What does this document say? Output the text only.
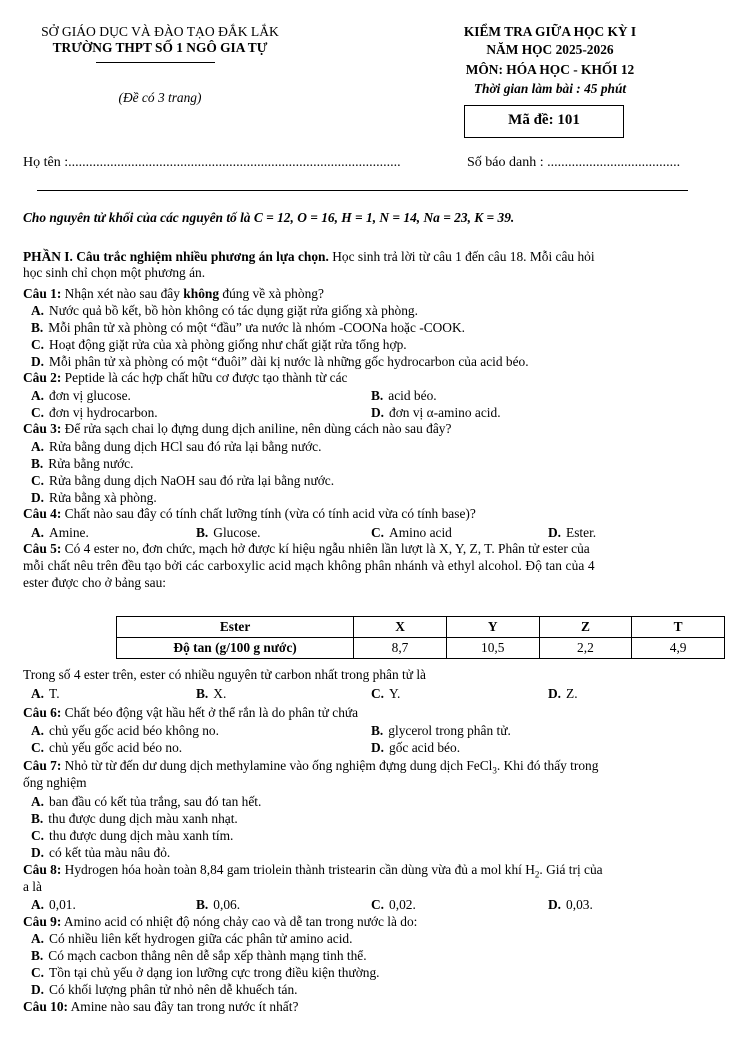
SỞ GIÁO DỤC VÀ ĐÀO TẠO ĐẮK LẮK
TRƯỜNG THPT SỐ 1 NGÔ GIA TỰ
(Đề có 3 trang)
KIỂM TRA GIỮA HỌC KỲ I
NĂM HỌC 2025-2026
MÔN: HÓA HỌC - KHỐI 12
Thời gian làm bài : 45 phút
Mã đề: 101
Họ tên :...............................................................................................	Số báo danh : ......................................
Cho nguyên tử khối của các nguyên tố là C = 12, O = 16, H = 1, N = 14, Na = 23, K = 39.
PHẦN I. Câu trắc nghiệm nhiều phương án lựa chọn. Học sinh trả lời từ câu 1 đến câu 18. Mỗi câu hỏi
học sinh chỉ chọn một phương án.
Câu 1: Nhận xét nào sau đây không đúng về xà phòng?
A. Nước quả bồ kết, bồ hòn không có tác dụng giặt rửa giống xà phòng.
B. Mỗi phân tử xà phòng có một “đầu” ưa nước là nhóm -COONa hoặc -COOK.
C. Hoạt động giặt rửa của xà phòng giống như chất giặt rửa tổng hợp.
D. Mỗi phân tử xà phòng có một “đuôi” dài kị nước là những gốc hydrocarbon của acid béo.
Câu 2: Peptide là các hợp chất hữu cơ được tạo thành từ các
A. đơn vị glucose.	B. acid béo.
C. đơn vị hydrocarbon.	D. đơn vị α-amino acid.
Câu 3: Để rửa sạch chai lọ đựng dung dịch aniline, nên dùng cách nào sau đây?
A. Rửa bằng dung dịch HCl sau đó rửa lại bằng nước.
B. Rửa bằng nước.
C. Rửa bằng dung dịch NaOH sau đó rửa lại bằng nước.
D. Rửa bằng xà phòng.
Câu 4: Chất nào sau đây có tính chất lưỡng tính (vừa có tính acid vừa có tính base)?
A. Amine.	B. Glucose.	C. Amino acid	D. Ester.
Câu 5: Có 4 ester no, đơn chức, mạch hở được kí hiệu ngẫu nhiên lần lượt là X, Y, Z, T. Phân tử ester của
mỗi chất nêu trên đều tạo bởi các carboxylic acid mạch không phân nhánh và ethyl alcohol. Độ tan của 4
ester được cho ở bảng sau:
Ester	X	Y	Z	T
Độ tan (g/100 g nước)	8,7	10,5	2,2	4,9
Trong số 4 ester trên, ester có nhiều nguyên tử carbon nhất trong phân tử là
A. T.	B. X.	C. Y.	D. Z.
Câu 6: Chất béo động vật hầu hết ở thể rắn là do phân tử chứa
A. chủ yếu gốc acid béo không no.	B. glycerol trong phân tử.
C. chủ yếu gốc acid béo no.	D. gốc acid béo.
Câu 7: Nhỏ từ từ đến dư dung dịch methylamine vào ống nghiệm đựng dung dịch FeCl$_3$. Khi đó thấy trong
ống nghiệm
A. ban đầu có kết tủa trắng, sau đó tan hết.
B. thu được dung dịch màu xanh nhạt.
C. thu được dung dịch màu xanh tím.
D. có kết tủa màu nâu đỏ.
Câu 8: Hydrogen hóa hoàn toàn 8,84 gam triolein thành tristearin cần dùng vừa đủ a mol khí $H_2$. Giá trị của
a là
A. 0,01.	B. 0,06.	C. 0,02.	D. 0,03.
Câu 9: Amino acid có nhiệt độ nóng chảy cao và dễ tan trong nước là do:
A. Có nhiều liên kết hydrogen giữa các phân tử amino acid.
B. Có mạch cacbon thẳng nên dễ sắp xếp thành mạng tinh thể.
C. Tồn tại chủ yếu ở dạng ion lưỡng cực trong điều kiện thường.
D. Có khối lượng phân tử nhỏ nên dễ khuếch tán.
Câu 10: Amine nào sau đây tan trong nước ít nhất?
